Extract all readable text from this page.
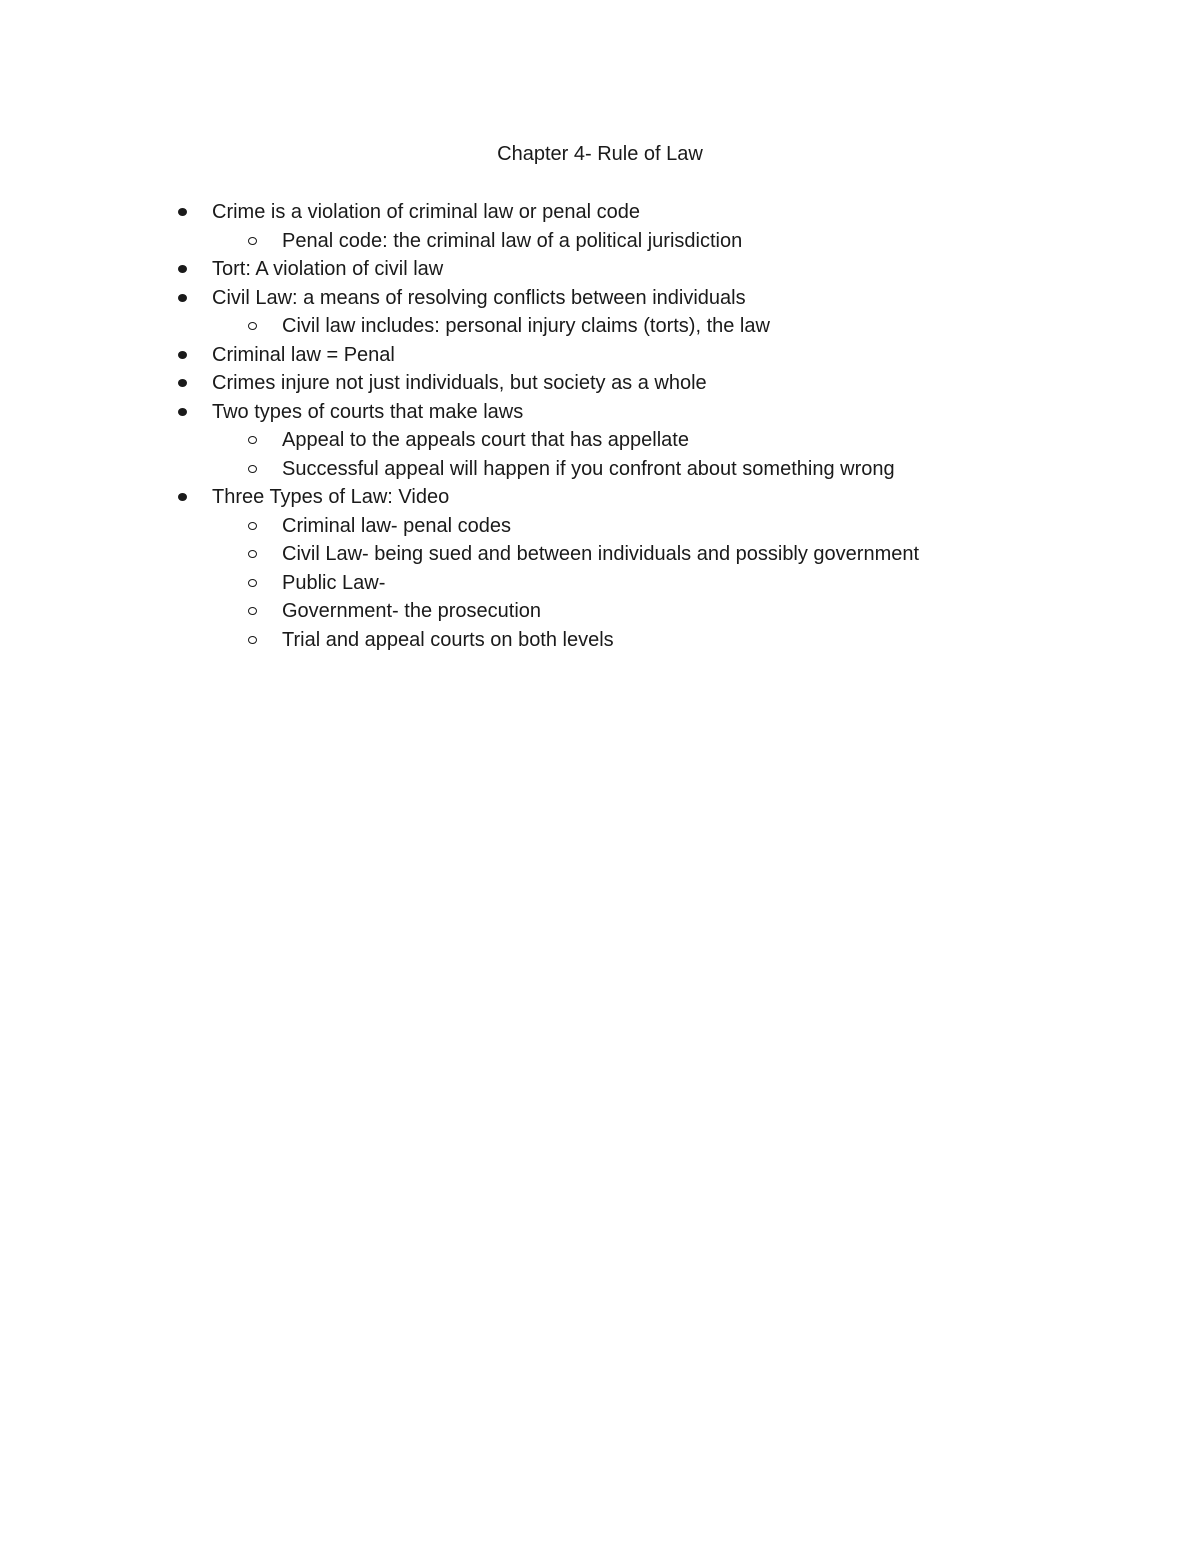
Chapter 4- Rule of Law
Crime is a violation of criminal law or penal code
Penal code: the criminal law of a political jurisdiction
Tort: A violation of civil law
Civil Law: a means of resolving conflicts between individuals
Civil law includes: personal injury claims (torts), the law
Criminal law = Penal
Crimes injure not just individuals, but society as a whole
Two types of courts that make laws
Appeal to the appeals court that has appellate
Successful appeal will happen if you confront about something wrong
Three Types of Law: Video
Criminal law- penal codes
Civil Law- being sued and between individuals and possibly government
Public Law-
Government- the prosecution
Trial and appeal courts on both levels
